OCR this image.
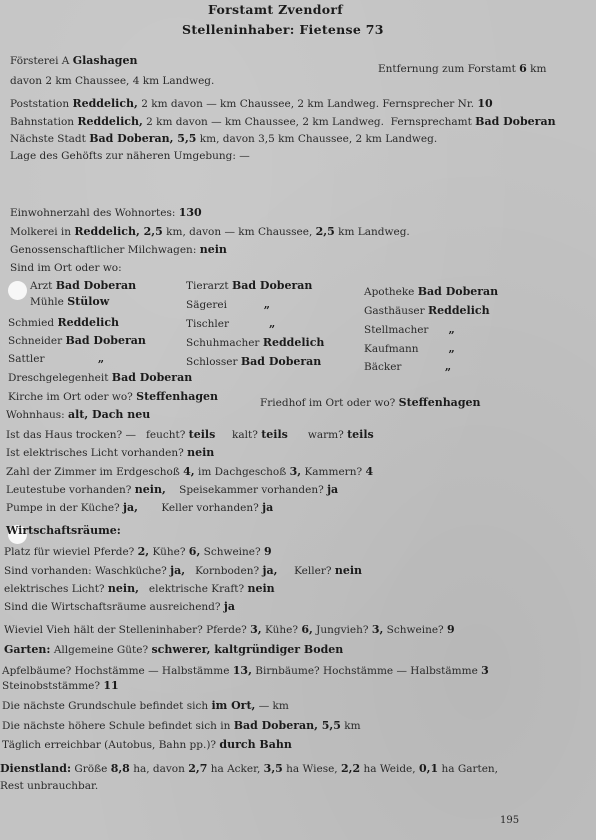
Forstamt Zvendorf
Stelleninhaber: Fietense 73
Försterei A Glashagen
Entfernung zum Forstamt 6 km
davon 2 km Chaussee, 4 km Landweg.
Poststation Reddelich, 2 km davon — km Chaussee, 2 km Landweg. Fernsprecher Nr. 10
Bahnstation Reddelich, 2 km davon — km Chaussee, 2 km Landweg. Fernsprechamt Bad Doberan
Nächste Stadt Bad Doberan, 5,5 km, davon 3,5 km Chaussee, 2 km Landweg.
Lage des Gehöfts zur näheren Umgebung: —
Einwohnerzahl des Wohnortes: 130
Molkerei in Reddelich, 2,5 km, davon — km Chaussee, 2,5 km Landweg.
Genossenschaftlicher Milchwagen: nein
Sind im Ort oder wo:
Arzt Bad Doberan	Tierarzt Bad Doberan	Apotheke Bad Doberan
Mühle Stülow	Sägerei	„	Gasthäuser Reddelich
Schmied Reddelich	Tischler	„	Stellmacher „
Schneider Bad Doberan	Schuhmacher Reddelich	Kaufmann	„
Sattler	„	Schlosser Bad Doberan	Bäcker	„
Dreschgelegenheit Bad Doberan
Kirche im Ort oder wo? Steffenhagen	Friedhof im Ort oder wo? Steffenhagen
Wohnhaus: alt, Dach neu
Ist das Haus trocken? — feucht? teils kalt? teils warm? teils
Ist elektrisches Licht vorhanden? nein
Zahl der Zimmer im Erdgeschoß 4, im Dachgeschoß 3, Kammern? 4
Leutestube vorhanden? nein, Speisekammer vorhanden? ja
Pumpe in der Küche? ja, Keller vorhanden? ja
Wirtschaftsräume:
Platz für wieviel Pferde? 2, Kühe? 6, Schweine? 9
Sind vorhanden: Waschküche? ja, Kornboden? ja, Keller? nein
elektrisches Licht? nein, elektrische Kraft? nein
Sind die Wirtschaftsräume ausreichend? ja
Wieviel Vieh hält der Stelleninhaber? Pferde? 3, Kühe? 6, Jungvieh? 3, Schweine? 9
Garten: Allgemeine Güte? schwerer, kaltgründiger Boden
Apfelbäume? Hochstämme — Halbstämme 13, Birnbäume? Hochstämme — Halbstämme 3
Steinobststämme? 11
Die nächste Grundschule befindet sich im Ort, — km
Die nächste höhere Schule befindet sich in Bad Doberan, 5,5 km
Täglich erreichbar (Autobus, Bahn pp.)? durch Bahn
Dienstland: Größe 8,8 ha, davon 2,7 ha Acker, 3,5 ha Wiese, 2,2 ha Weide, 0,1 ha Garten,
Rest unbrauchbar.
195
